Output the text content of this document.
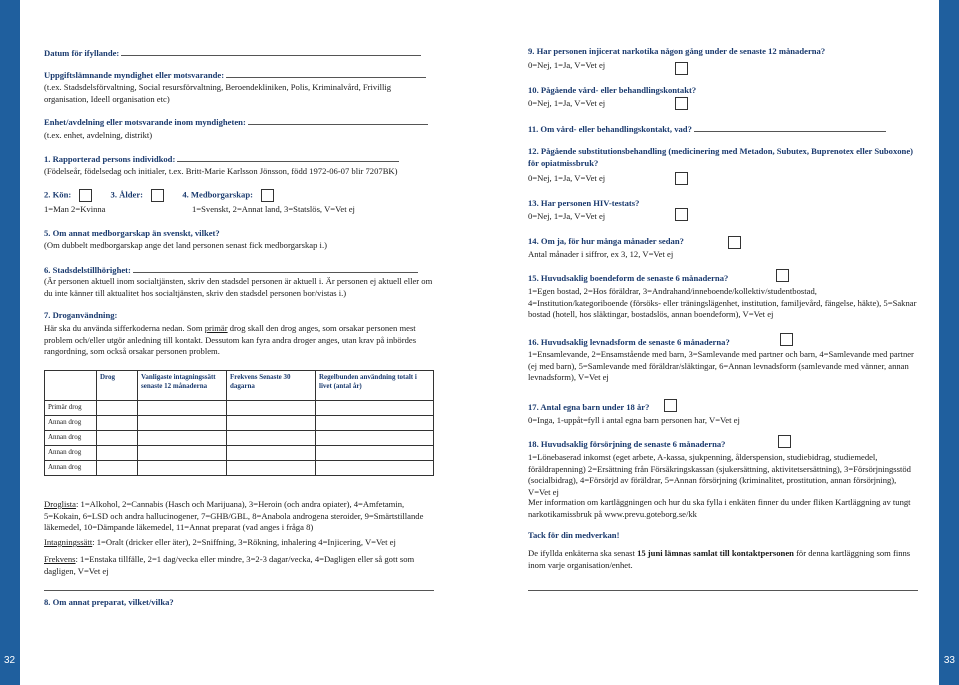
32	33
Datum för ifyllande:
Uppgiftslämnande myndighet eller motsvarande:
(t.ex. Stadsdelsförvaltning, Social resursförvaltning, Beroendekliniken, Polis, Kriminalvård, Frivillig organisation, Ideell organisation etc)
Enhet/avdelning eller motsvarande inom myndigheten:
(t.ex. enhet, avdelning, distrikt)
1. Rapporterad persons individkod:
(Födelseår, födelsedag och initialer, t.ex. Britt-Marie Karlsson Jönsson, född 1972-06-07 blir 7207BK)
2. Kön:	3. Ålder:	4. Medborgarskap:
1=Man 2=Kvinna	1=Svenskt, 2=Annat land, 3=Statslös, V=Vet ej
5. Om annat medborgarskap än svenskt, vilket?
(Om dubbelt medborgarskap ange det land personen senast fick medborgarskap i.)
6. Stadsdelstillhörighet:
(Är personen aktuell inom socialtjänsten, skriv den stadsdel personen är aktuell i. Är personen ej aktuell eller om du inte känner till aktualitet hos socialtjänsten, skriv den stadsdel personen bor/vistas i.)
7. Droganvändning:
Här ska du använda sifferkoderna nedan. Som primär drog skall den drog anges, som orsakar personen mest problem och/eller utgör anledning till kontakt. Dessutom kan fyra andra droger anges, utan krav på inbördes rangordning, som också orsakar personen problem.
	Drog	Vanligaste intagningssätt senaste 12 månaderna	Frekvens Senaste 30 dagarna	Regelbunden användning totalt i livet (antal år)
Primär drog				
Annan drog				
Annan drog				
Annan drog				
Annan drog				
Droglista: 1=Alkohol, 2=Cannabis (Hasch och Marijuana), 3=Heroin (och andra opiater), 4=Amfetamin, 5=Kokain, 6=LSD och andra hallucinogener, 7=GHB/GBL, 8=Anabola androgena steroider, 9=Smärtstillande läkemedel, 10=Dämpande läkemedel, 11=Annat preparat (vad anges i fråga 8)
Intagningssätt: 1=Oralt (dricker eller äter), 2=Sniffning, 3=Rökning, inhalering 4=Injicering, V=Vet ej
Frekvens: 1=Enstaka tillfälle, 2=1 dag/vecka eller mindre, 3=2-3 dagar/vecka, 4=Dagligen eller så gott som dagligen, V=Vet ej
8. Om annat preparat, vilket/vilka?
9. Har personen injicerat narkotika någon gång under de senaste 12 månaderna?
0=Nej, 1=Ja, V=Vet ej
10. Pågående vård- eller behandlingskontakt?
0=Nej, 1=Ja, V=Vet ej
11. Om vård- eller behandlingskontakt, vad?
12. Pågående substitutionsbehandling (medicinering med Metadon, Subutex, Buprenotex eller Suboxone) för opiatmissbruk?
0=Nej, 1=Ja, V=Vet ej
13. Har personen HIV-testats?
0=Nej, 1=Ja, V=Vet ej
14. Om ja, för hur många månader sedan?
Antal månader i siffror, ex 3, 12, V=Vet ej
15. Huvudsaklig boendeform de senaste 6 månaderna?
1=Egen bostad, 2=Hos föräldrar, 3=Andrahand/inneboende/kollektiv/studentbostad, 4=Institution/kategoriboende (försöks- eller träningslägenhet, institution, familjevård, fängelse, häkte), 5=Saknar bostad (hotell, hos släktingar, bostadslös, annan boendeform), V=Vet ej
16. Huvudsaklig levnadsform de senaste 6 månaderna?
1=Ensamlevande, 2=Ensamstående med barn, 3=Samlevande med partner och barn, 4=Samlevande med partner (ej med barn), 5=Samlevande med föräldrar/släktingar, 6=Annan levnadsform (samlevande med vänner, annan levnadsform), V=Vet ej
17. Antal egna barn under 18 år?
0=Inga, 1-uppåt=fyll i antal egna barn personen har, V=Vet ej
18. Huvudsaklig försörjning de senaste 6 månaderna?
1=Lönebaserad inkomst (eget arbete, A-kassa, sjukpenning, ålderspension, studiebidrag, studiemedel, föräldrapenning) 2=Ersättning från Försäkringskassan (sjukersättning, aktivitetsersättning), 3=Försörjningsstöd (socialbidrag), 4=Försörjd av föräldrar, 5=Annan försörjning (kriminalitet, prostitution, annan försörjning), V=Vet ej
Mer information om kartläggningen och hur du ska fylla i enkäten finner du under fliken Kartläggning av tungt narkotikamissbruk på www.prevu.goteborg.se/kk
Tack för din medverkan!
De ifyllda enkäterna ska senast 15 juni lämnas samlat till kontaktpersonen för denna kartläggning som finns inom varje organisation/enhet.
